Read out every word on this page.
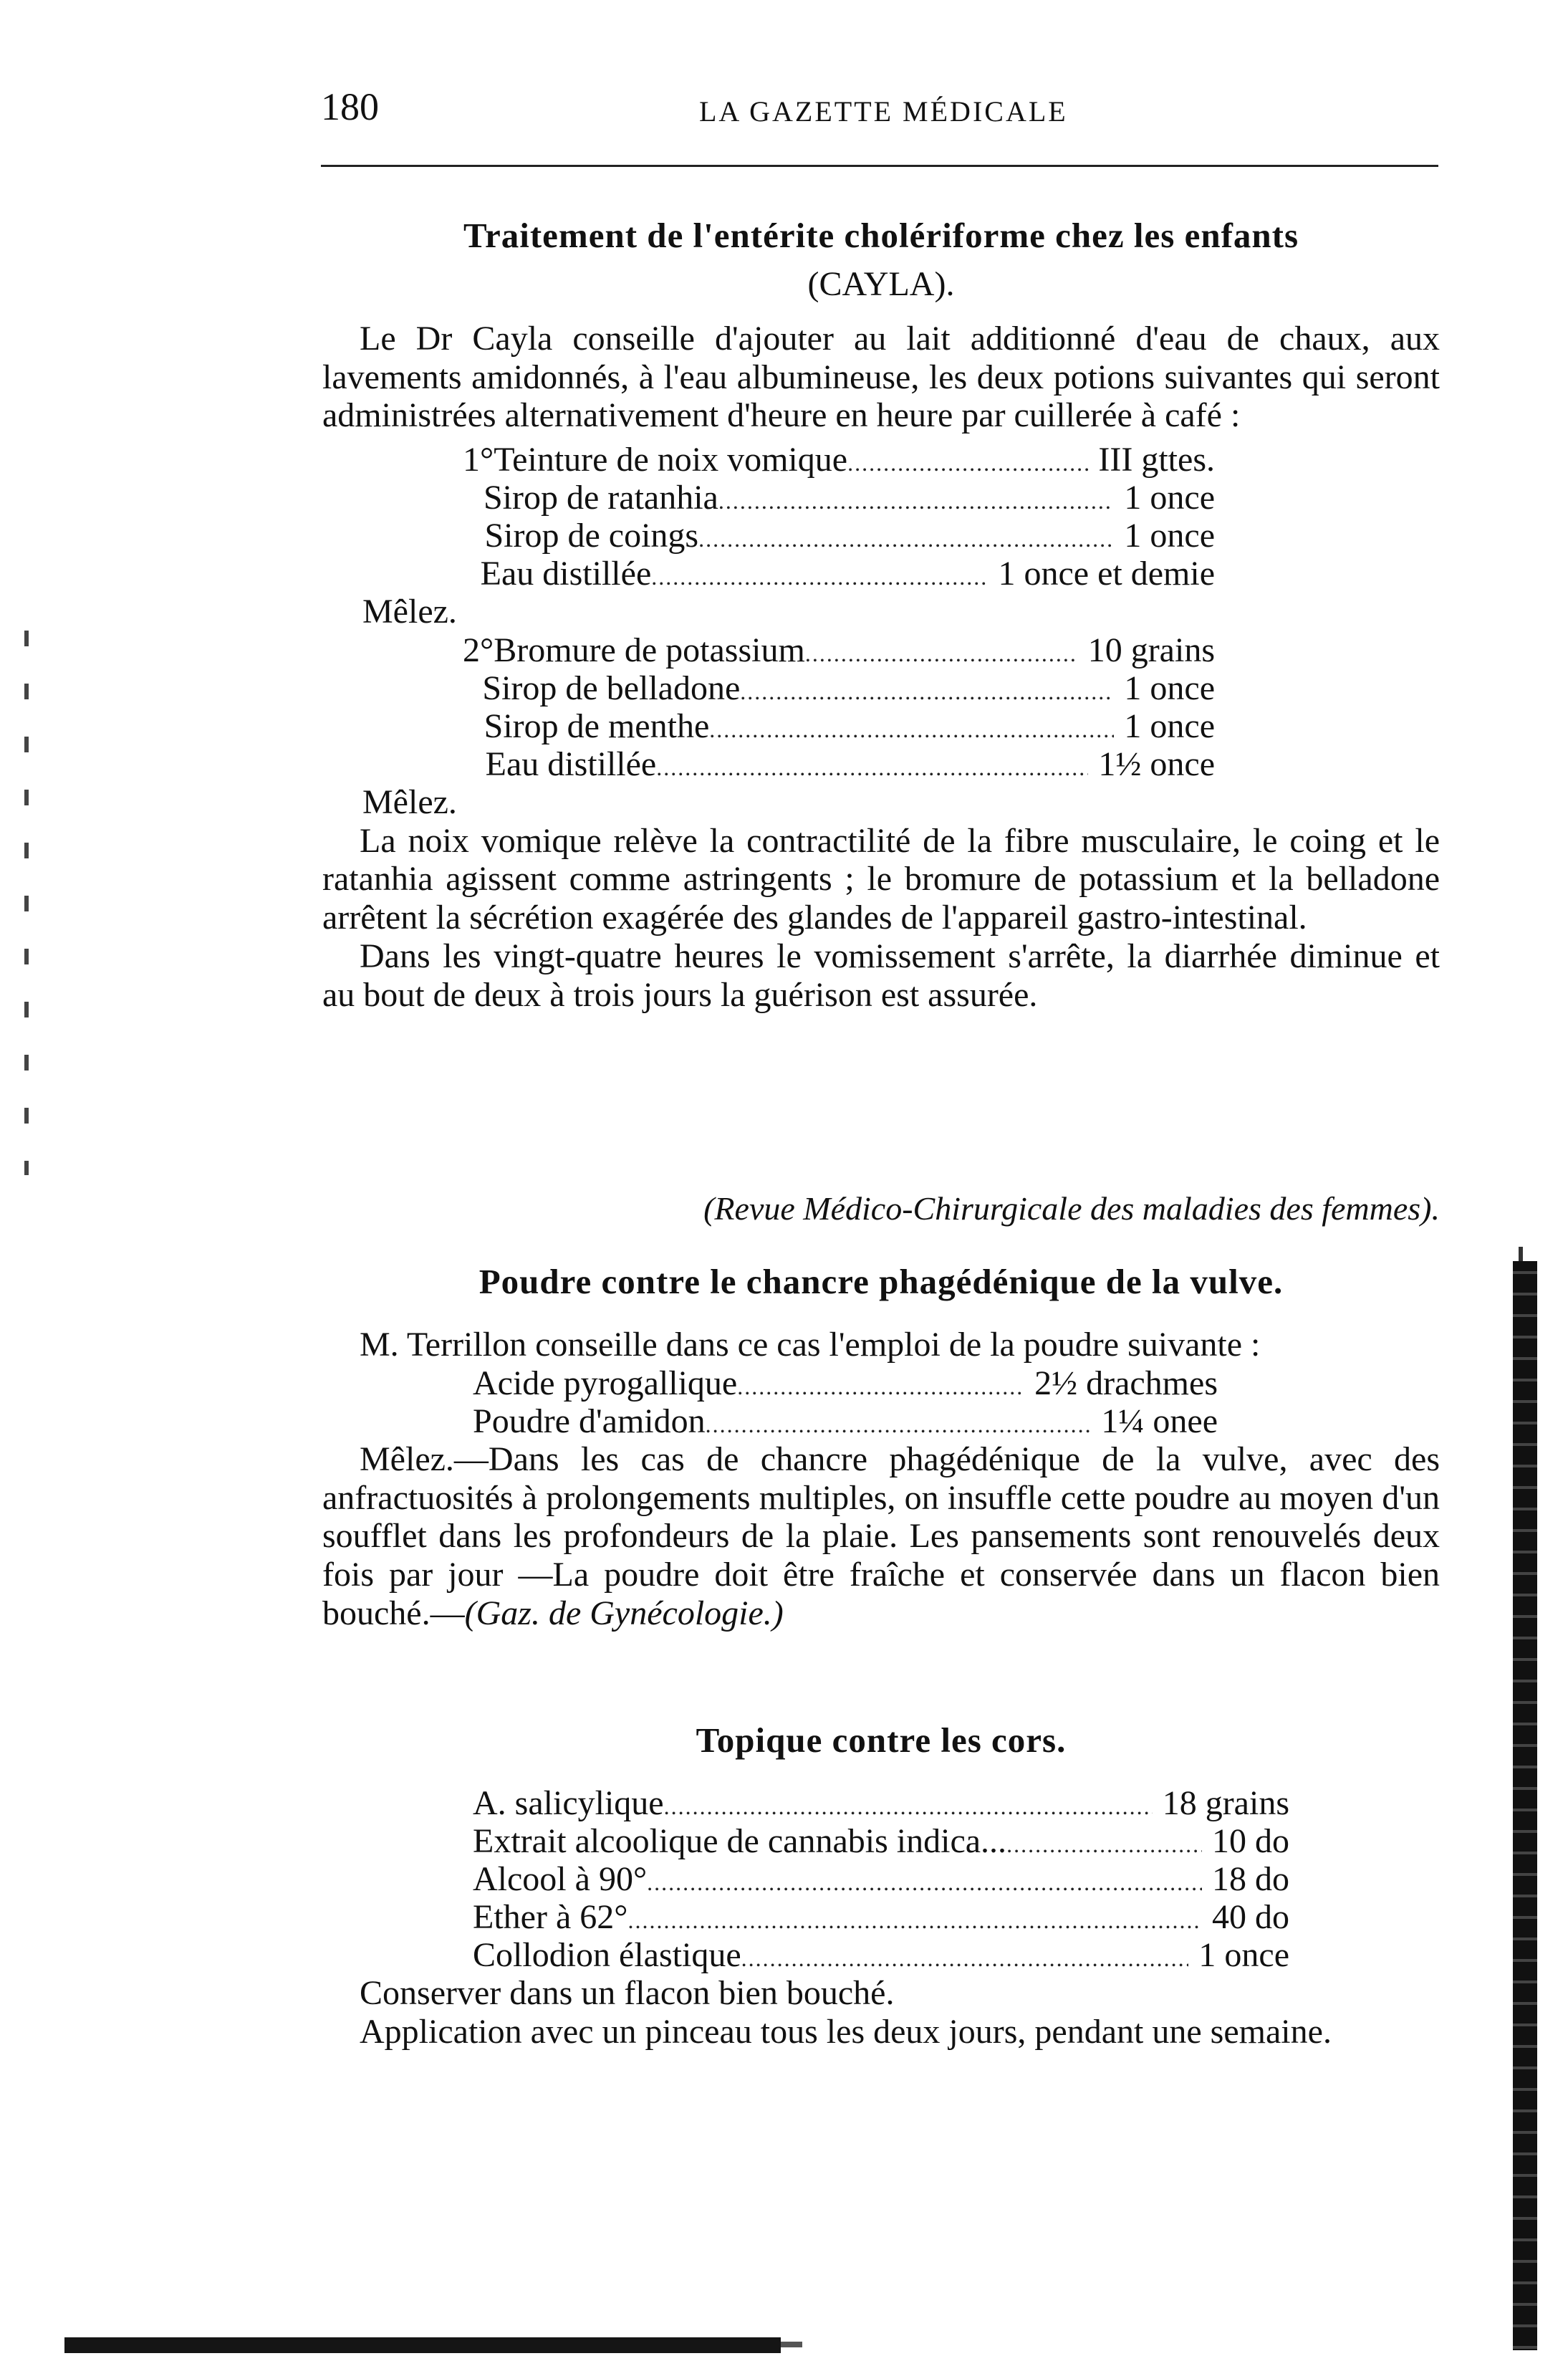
180	LA GAZETTE MÉDICALE
Traitement de l'entérite cholériforme chez les enfants
(CAYLA).

Le Dr Cayla conseille d'ajouter au lait additionné d'eau de chaux, aux lavements amidonnés, à l'eau albumineuse, les deux potions suivantes qui seront administrées alternativement d'heure en heure par cuillerée à café :

1° Teinture de noix vomique .....	III gttes.
Sirop de ratanhia .....	1 once
Sirop de coings .....	1 once
Eau distillée .....	1 once et demie

Mêlez.

2° Bromure de potassium .....	10 grains
Sirop de belladone .....	1 once
Sirop de menthe .....	1 once
Eau distillée .....	1½ once

Mêlez.

La noix vomique relève la contractilité de la fibre musculaire, le coing et le ratanhia agissent comme astringents ; le bromure de potassium et la belladone arrêtent la sécrétion exagérée des glandes de l'appareil gastro-intestinal.

Dans les vingt-quatre heures le vomissement s'arrête, la diarrhée diminue et au bout de deux à trois jours la guérison est assurée.

(Revue Médico-Chirurgicale des maladies des femmes).
Poudre contre le chancre phagédénique de la vulve.

M. Terrillon conseille dans ce cas l'emploi de la poudre suivante :

Acide pyrogallique .....	2½ drachmes
Poudre d'amidon .....	1¼ onee

Mêlez.—Dans les cas de chancre phagédénique de la vulve, avec des anfractuosités à prolongements multiples, on insuffle cette poudre au moyen d'un soufflet dans les profondeurs de la plaie. Les pansements sont renouvelés deux fois par jour —La poudre doit être fraîche et conservée dans un flacon bien bouché.—(Gaz. de Gynécologie.)

Topique contre les cors.
A. salicylique .....	18 grains
Extrait alcoolique de cannabis indica... .....	10 do
Alcool à 90° .....	18 do
Ether à 62° .....	40 do
Collodion élastique .....	1 once

Conserver dans un flacon bien bouché.

Application avec un pinceau tous les deux jours, pendant une semaine.
